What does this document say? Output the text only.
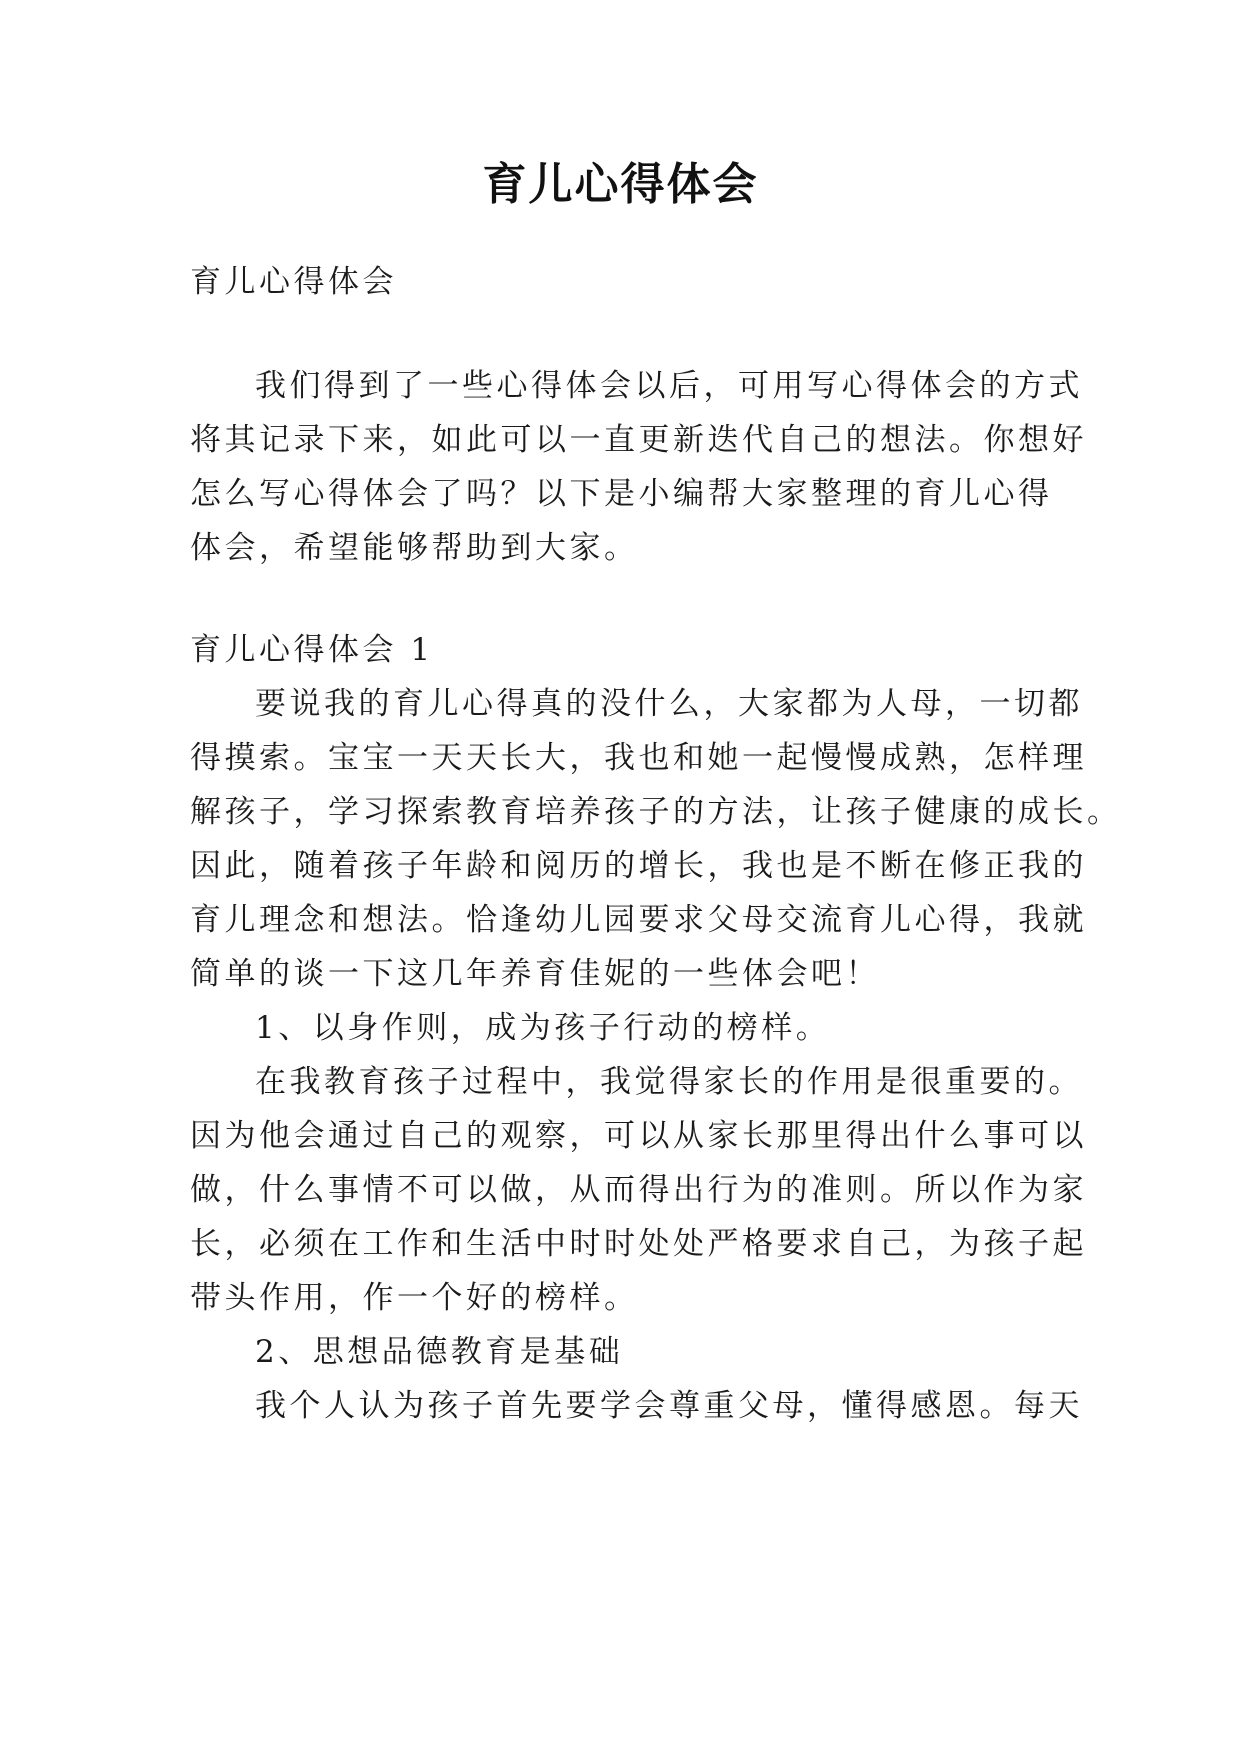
育儿心得体会
育儿心得体会
我们得到了一些心得体会以后，可用写心得体会的方式
将其记录下来，如此可以一直更新迭代自己的想法。你想好
怎么写心得体会了吗？以下是小编帮大家整理的育儿心得
体会，希望能够帮助到大家。
育儿心得体会 1
要说我的育儿心得真的没什么，大家都为人母，一切都
得摸索。宝宝一天天长大，我也和她一起慢慢成熟，怎样理
解孩子，学习探索教育培养孩子的方法，让孩子健康的成长。
因此，随着孩子年龄和阅历的增长，我也是不断在修正我的
育儿理念和想法。恰逢幼儿园要求父母交流育儿心得，我就
简单的谈一下这几年养育佳妮的一些体会吧！
1、以身作则，成为孩子行动的榜样。
在我教育孩子过程中，我觉得家长的作用是很重要的。
因为他会通过自己的观察，可以从家长那里得出什么事可以
做，什么事情不可以做，从而得出行为的准则。所以作为家
长，必须在工作和生活中时时处处严格要求自己，为孩子起
带头作用，作一个好的榜样。
2、思想品德教育是基础
我个人认为孩子首先要学会尊重父母，懂得感恩。每天
